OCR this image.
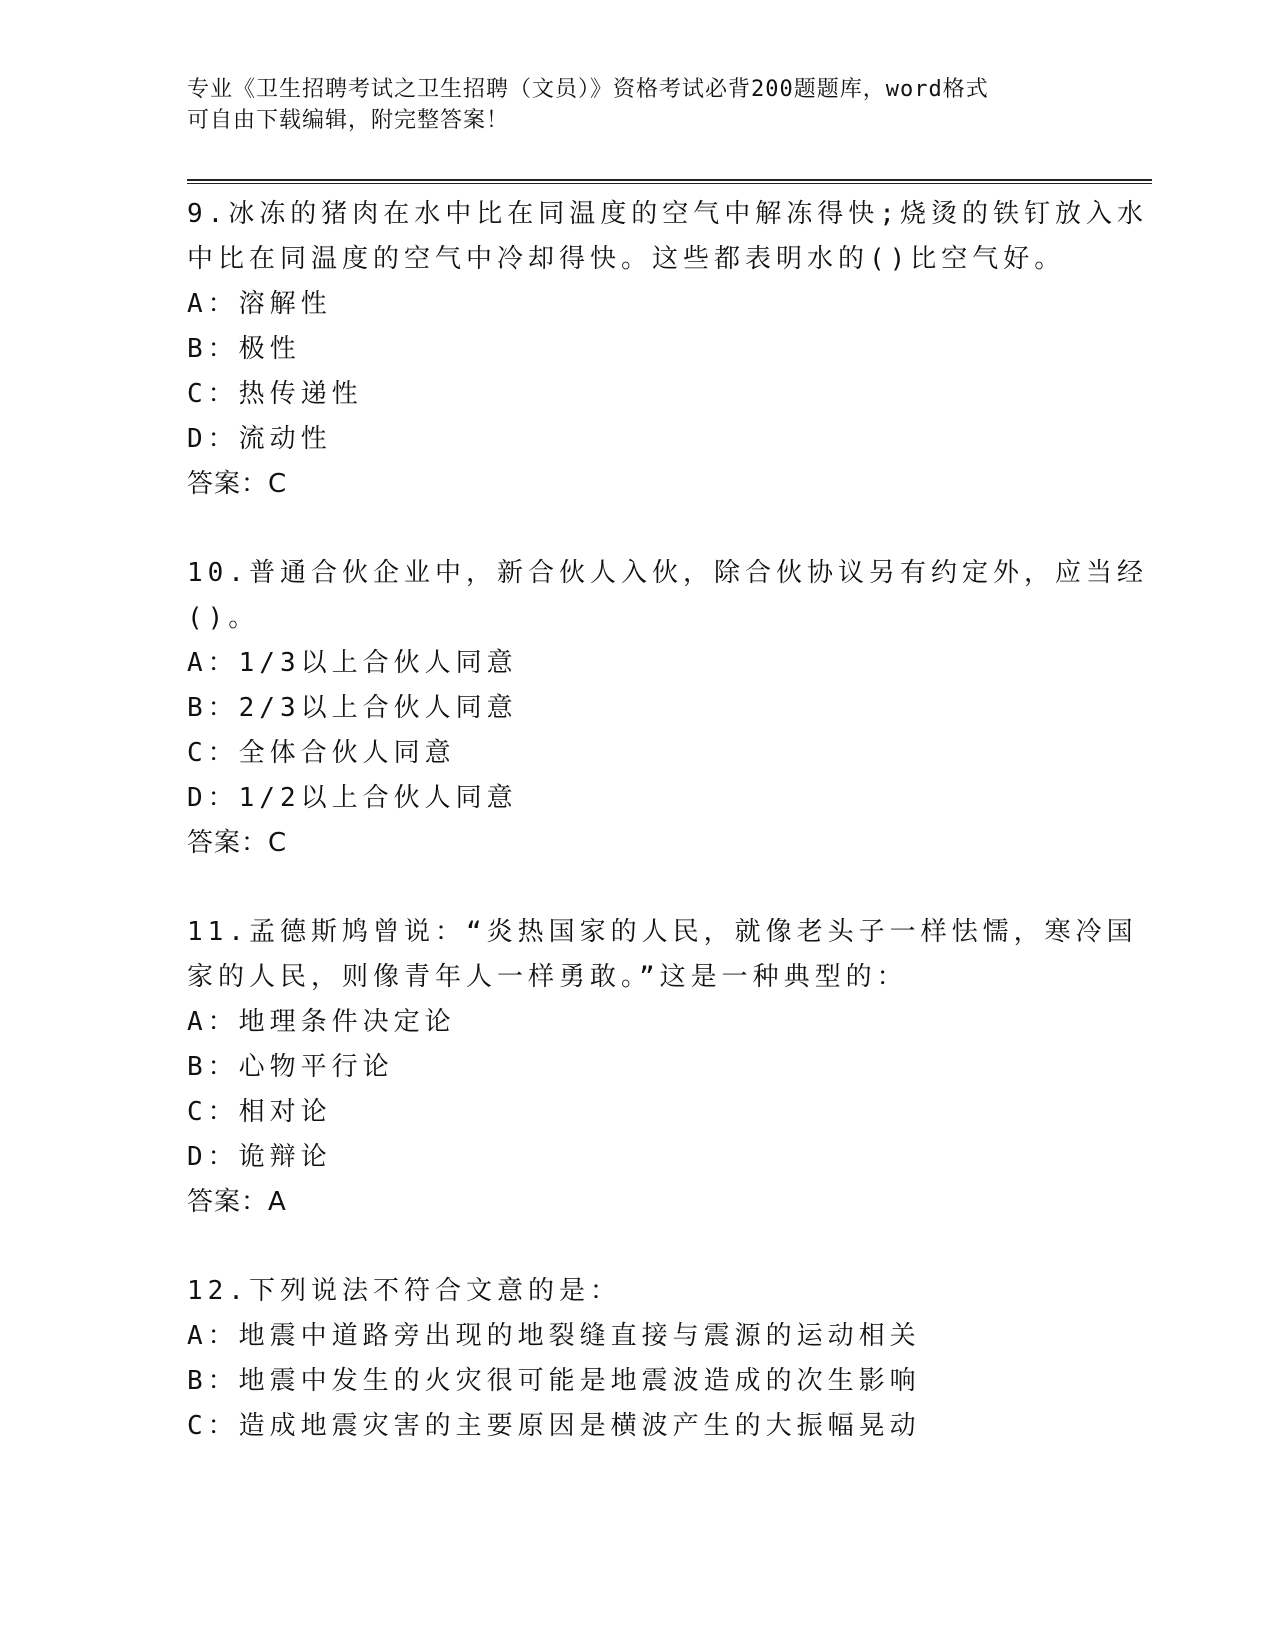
专业《卫生招聘考试之卫生招聘（文员）》资格考试必背200题题库，word格式
可自由下载编辑，附完整答案！
9.冰冻的猪肉在水中比在同温度的空气中解冻得快;烧烫的铁钉放入水
中比在同温度的空气中冷却得快。这些都表明水的()比空气好。
A：溶解性
B：极性
C：热传递性
D：流动性
答案：C
10.普通合伙企业中，新合伙人入伙，除合伙协议另有约定外，应当经
()。
A：1/3以上合伙人同意
B：2/3以上合伙人同意
C：全体合伙人同意
D：1/2以上合伙人同意
答案：C
11.孟德斯鸠曾说：“炎热国家的人民，就像老头子一样怯懦，寒冷国
家的人民，则像青年人一样勇敢。”这是一种典型的：
A：地理条件决定论
B：心物平行论
C：相对论
D：诡辩论
答案：A
12.下列说法不符合文意的是：
A：地震中道路旁出现的地裂缝直接与震源的运动相关
B：地震中发生的火灾很可能是地震波造成的次生影响
C：造成地震灾害的主要原因是横波产生的大振幅晃动
